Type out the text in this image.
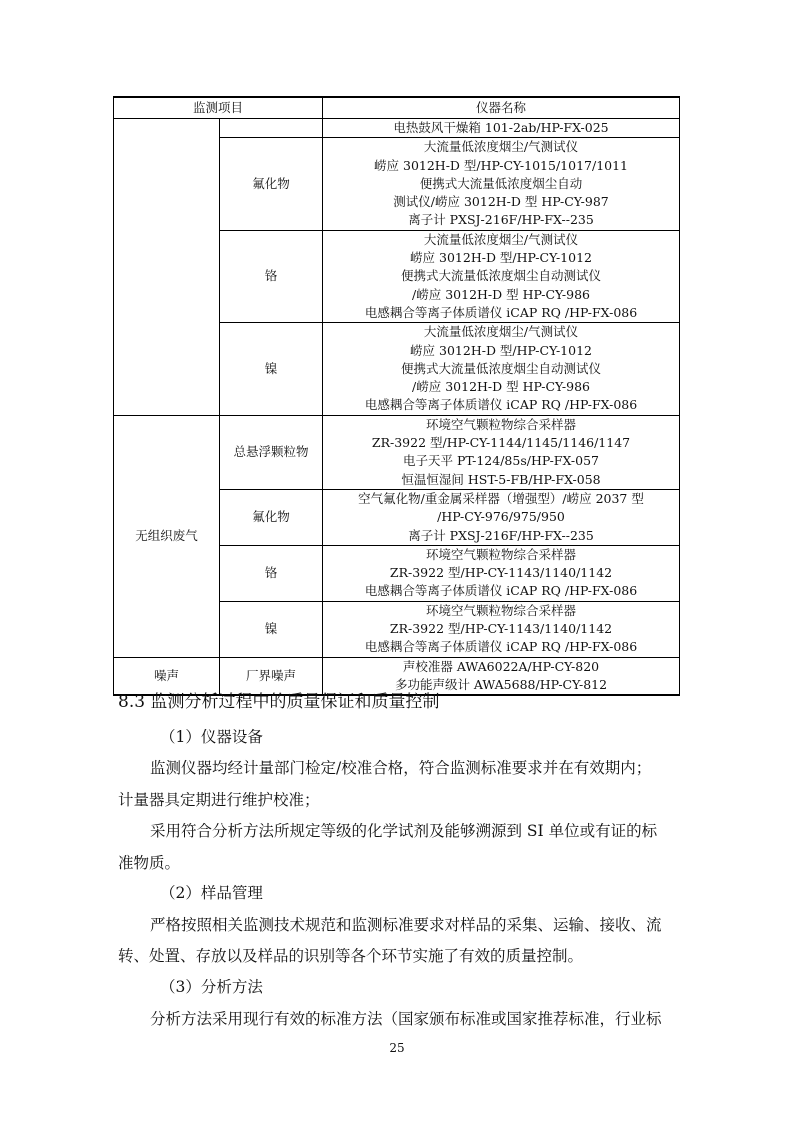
监测项目		仪器名称

		电热鼓风干燥箱 101-2ab/HP-FX-025

	氟化物	大流量低浓度烟尘/气测试仪
崂应 3012H-D 型/HP-CY-1015/1017/1011
便携式大流量低浓度烟尘自动
测试仪/崂应 3012H-D 型 HP-CY-987
离子计 PXSJ-216F/HP-FX--235

	铬	大流量低浓度烟尘/气测试仪
崂应 3012H-D 型/HP-CY-1012
便携式大流量低浓度烟尘自动测试仪
/崂应 3012H-D 型 HP-CY-986
电感耦合等离子体质谱仪 iCAP RQ /HP-FX-086

	镍	大流量低浓度烟尘/气测试仪
崂应 3012H-D 型/HP-CY-1012
便携式大流量低浓度烟尘自动测试仪
/崂应 3012H-D 型 HP-CY-986
电感耦合等离子体质谱仪 iCAP RQ /HP-FX-086

无组织废气	总悬浮颗粒物	环境空气颗粒物综合采样器
ZR-3922 型/HP-CY-1144/1145/1146/1147
电子天平 PT-124/85s/HP-FX-057
恒温恒湿间 HST-5-FB/HP-FX-058

	氟化物	空气氟化物/重金属采样器（增强型）/崂应 2037 型
/HP-CY-976/975/950
离子计 PXSJ-216F/HP-FX--235

	铬	环境空气颗粒物综合采样器
ZR-3922 型/HP-CY-1143/1140/1142
电感耦合等离子体质谱仪 iCAP RQ /HP-FX-086

	镍	环境空气颗粒物综合采样器
ZR-3922 型/HP-CY-1143/1140/1142
电感耦合等离子体质谱仪 iCAP RQ /HP-FX-086

噪声	厂界噪声	声校准器 AWA6022A/HP-CY-820
多功能声级计 AWA5688/HP-CY-812
8.3 监测分析过程中的质量保证和质量控制
（1）仪器设备
监测仪器均经计量部门检定/校准合格，符合监测标准要求并在有效期内；
计量器具定期进行维护校准；
采用符合分析方法所规定等级的化学试剂及能够溯源到 SI 单位或有证的标
准物质。
（2）样品管理
严格按照相关监测技术规范和监测标准要求对样品的采集、运输、接收、流
转、处置、存放以及样品的识别等各个环节实施了有效的质量控制。
（3）分析方法
分析方法采用现行有效的标准方法（国家颁布标准或国家推荐标准，行业标
25
